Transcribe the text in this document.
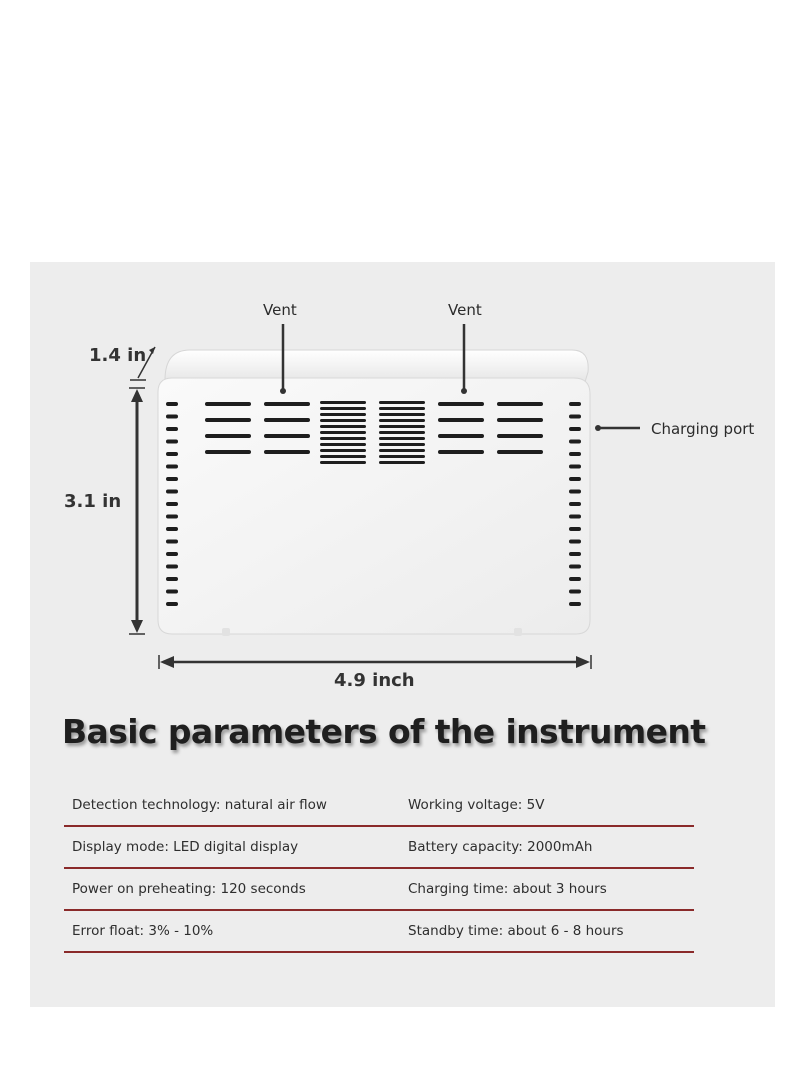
Vent	Vent
Charging port
1.4 in
3.1 in
4.9 inch
Basic parameters of the instrument
Detection technology: natural air flow	Working voltage: 5V
Display mode: LED digital display	Battery capacity: 2000mAh
Power on preheating: 120 seconds	Charging time: about 3 hours
Error float: 3% - 10%	Standby time: about 6 - 8 hours
